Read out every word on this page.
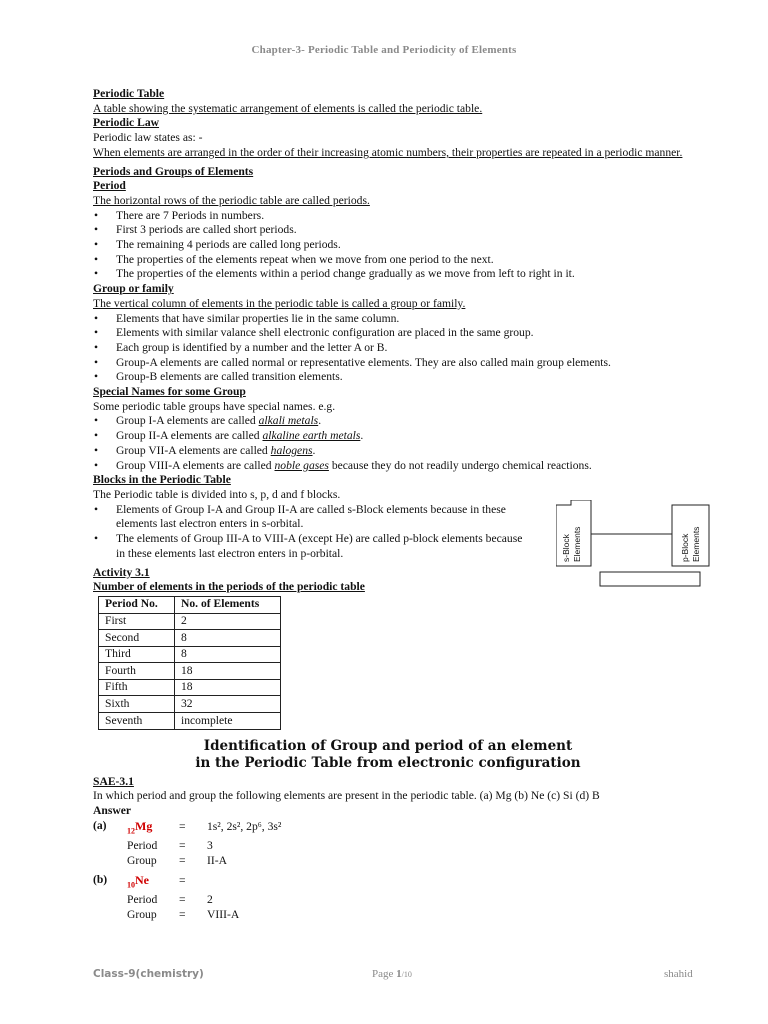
Chapter-3- Periodic Table and Periodicity of Elements
Periodic Table
A table showing the systematic arrangement of elements is called the periodic table.
Periodic Law
Periodic law states as: -
When elements are arranged in the order of their increasing atomic numbers, their properties are repeated in a periodic manner.
Periods and Groups of Elements
Period
The horizontal rows of the periodic table are called periods.
• There are 7 Periods in numbers.
• First 3 periods are called short periods.
• The remaining 4 periods are called long periods.
• The properties of the elements repeat when we move from one period to the next.
• The properties of the elements within a period change gradually as we move from left to right in it.
Group or family
The vertical column of elements in the periodic table is called a group or family.
• Elements that have similar properties lie in the same column.
• Elements with similar valance shell electronic configuration are placed in the same group.
• Each group is identified by a number and the letter A or B.
• Group-A elements are called normal or representative elements. They are also called main group elements.
• Group-B elements are called transition elements.
Special Names for some Group
Some periodic table groups have special names. e.g.
• Group I-A elements are called alkali metals.
• Group II-A elements are called alkaline earth metals.
• Group VII-A elements are called halogens.
• Group VIII-A elements are called noble gases because they do not readily undergo chemical reactions.
Blocks in the Periodic Table
The Periodic table is divided into s, p, d and f blocks.
• Elements of Group I-A and Group II-A are called s-Block elements because in these elements last electron enters in s-orbital.
• The elements of Group III-A to VIII-A (except He) are called p-block elements because in these elements last electron enters in p-orbital.
Activity 3.1
Number of elements in the periods of the periodic table
Period No.	No. of Elements
First	2
Second	8
Third	8
Fourth	18
Fifth	18
Sixth	32
Seventh	incomplete
Identification of Group and period of an element
in the Periodic Table from electronic configuration
SAE-3.1
In which period and group the following elements are present in the periodic table. (a) Mg (b) Ne (c) Si (d) B
Answer
(a)	$_{12}$Mg = 1s², 2s², 2p⁶, 3s²
Period = 3
Group = II-A
(b)	$_{10}$Ne	=
Period = 2
Group = VIII-A
s-Block Elements	p-Block Elements
Class-9(chemistry)	Page 1/10	shahid
